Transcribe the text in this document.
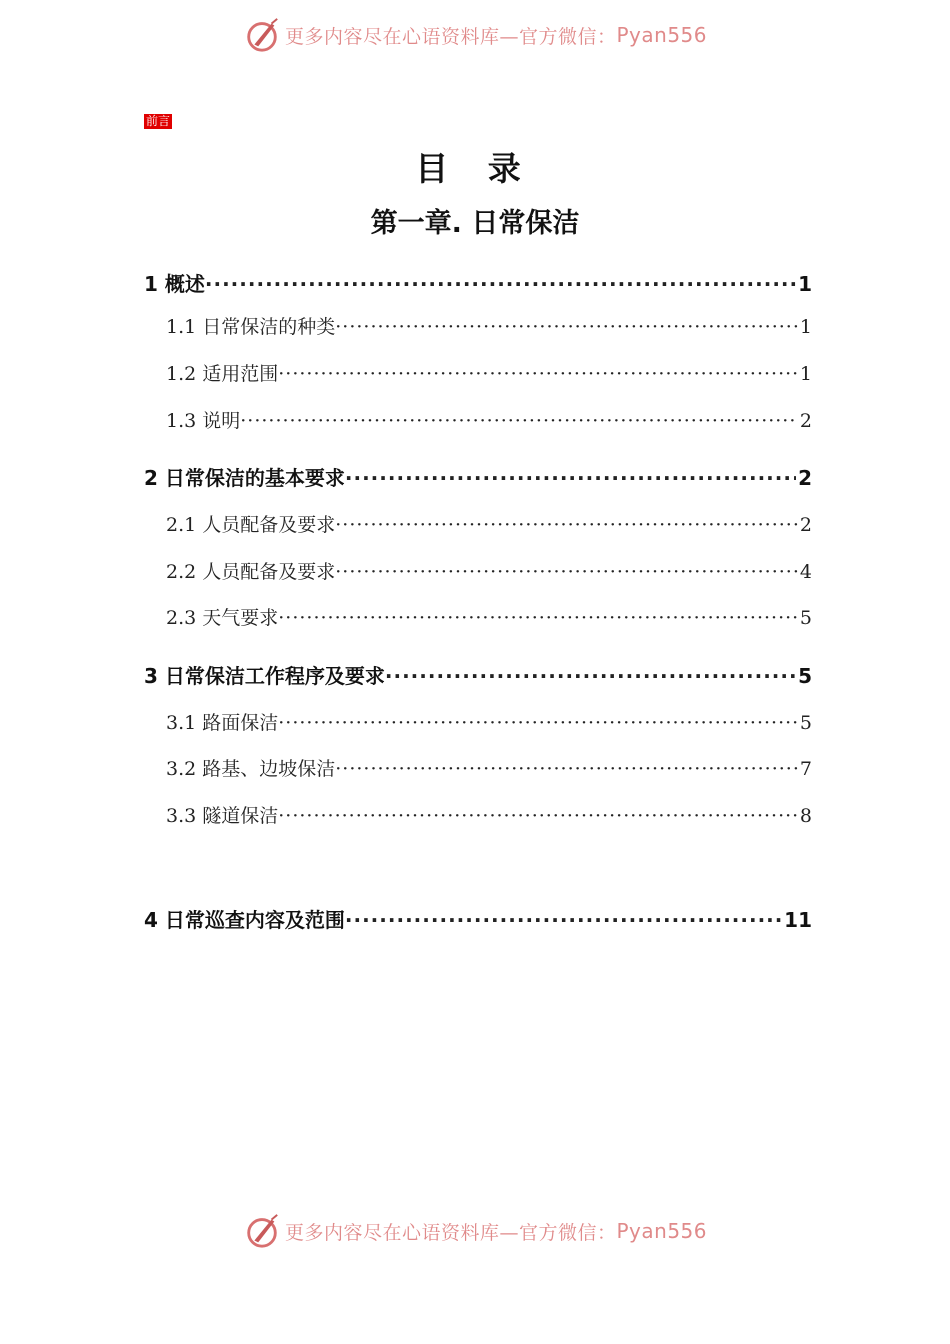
更多内容尽在心语资料库—官方微信： Pyan556
前言
目 录
第一章. 日常保洁
1 概述 ·····	1
1.1 日常保洁的种类 ·····	1
1.2 适用范围 ·····	1
1.3 说明 ·····	2
2 日常保洁的基本要求 ·····	2
2.1 人员配备及要求 ·····	2
2.2 人员配备及要求 ·····	4
2.3 天气要求 ·····	5
3 日常保洁工作程序及要求 ·····	5
3.1 路面保洁 ·····	5
3.2 路基、边坡保洁 ·····	7
3.3 隧道保洁 ·····	8
4 日常巡查内容及范围 ·····	11
更多内容尽在心语资料库—官方微信： Pyan556
